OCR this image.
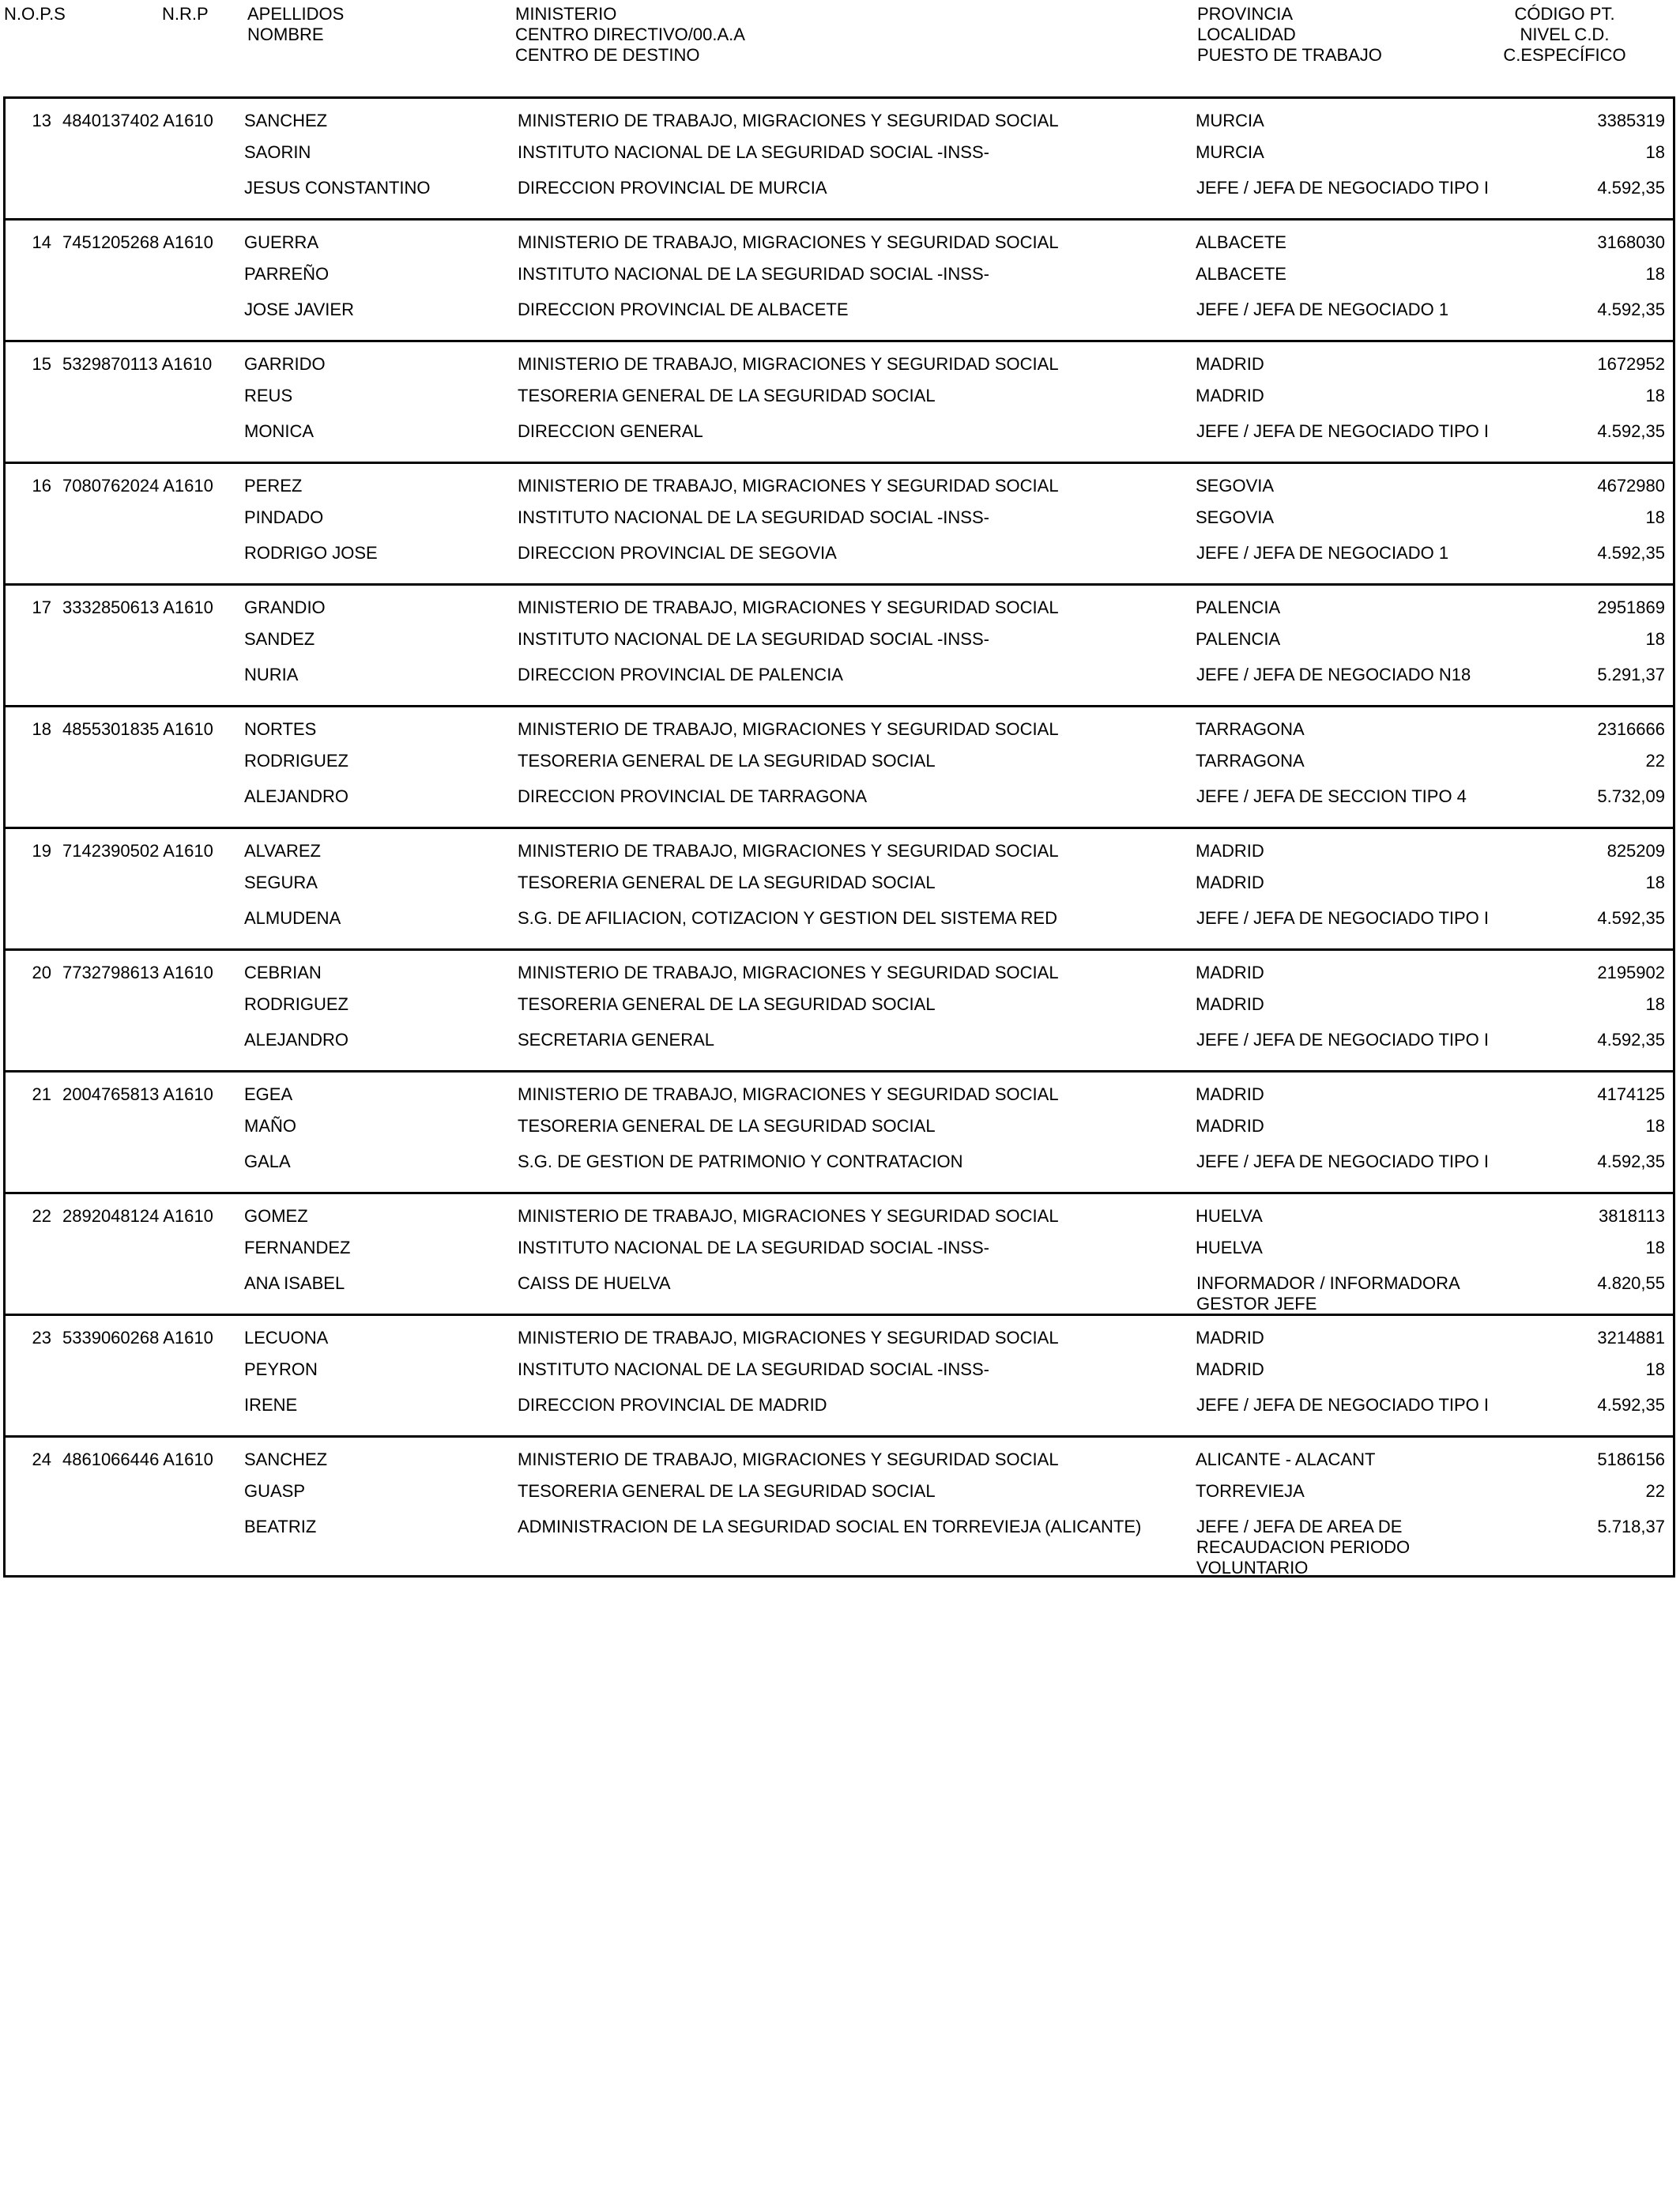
N.O.P.S	N.R.P APELLIDOS
NOMBRE
MINISTERIO
CENTRO DIRECTIVO/00.A.A
CENTRO DE DESTINO
PROVINCIA
LOCALIDAD
PUESTO DE TRABAJO
CÓDIGO PT.
NIVEL C.D.
C.ESPECÍFICO
13 4840137402 A1610 SANCHEZ
SAORIN
JESUS CONSTANTINO
MINISTERIO DE TRABAJO, MIGRACIONES Y SEGURIDAD SOCIAL
INSTITUTO NACIONAL DE LA SEGURIDAD SOCIAL -INSS-
DIRECCION PROVINCIAL DE MURCIA
MURCIA
MURCIA
JEFE / JEFA DE NEGOCIADO TIPO I
3385319
18
4.592,35
14 7451205268 A1610 GUERRA
PARREÑO
JOSE JAVIER
MINISTERIO DE TRABAJO, MIGRACIONES Y SEGURIDAD SOCIAL
INSTITUTO NACIONAL DE LA SEGURIDAD SOCIAL -INSS-
DIRECCION PROVINCIAL DE ALBACETE
ALBACETE
ALBACETE
JEFE / JEFA DE NEGOCIADO 1
3168030
18
4.592,35
15 5329870113 A1610 GARRIDO
REUS
MONICA
MINISTERIO DE TRABAJO, MIGRACIONES Y SEGURIDAD SOCIAL
TESORERIA GENERAL DE LA SEGURIDAD SOCIAL
DIRECCION GENERAL
MADRID
MADRID
JEFE / JEFA DE NEGOCIADO TIPO I
1672952
18
4.592,35
16 7080762024 A1610 PEREZ
PINDADO
RODRIGO JOSE
MINISTERIO DE TRABAJO, MIGRACIONES Y SEGURIDAD SOCIAL
INSTITUTO NACIONAL DE LA SEGURIDAD SOCIAL -INSS-
DIRECCION PROVINCIAL DE SEGOVIA
SEGOVIA
SEGOVIA
JEFE / JEFA DE NEGOCIADO 1
4672980
18
4.592,35
17 3332850613 A1610 GRANDIO
SANDEZ
NURIA
MINISTERIO DE TRABAJO, MIGRACIONES Y SEGURIDAD SOCIAL
INSTITUTO NACIONAL DE LA SEGURIDAD SOCIAL -INSS-
DIRECCION PROVINCIAL DE PALENCIA
PALENCIA
PALENCIA
JEFE / JEFA DE NEGOCIADO N18
2951869
18
5.291,37
18 4855301835 A1610 NORTES
RODRIGUEZ
ALEJANDRO
MINISTERIO DE TRABAJO, MIGRACIONES Y SEGURIDAD SOCIAL
TESORERIA GENERAL DE LA SEGURIDAD SOCIAL
DIRECCION PROVINCIAL DE TARRAGONA
TARRAGONA
TARRAGONA
JEFE / JEFA DE SECCION TIPO 4
2316666
22
5.732,09
19 7142390502 A1610 ALVAREZ
SEGURA
ALMUDENA
MINISTERIO DE TRABAJO, MIGRACIONES Y SEGURIDAD SOCIAL
TESORERIA GENERAL DE LA SEGURIDAD SOCIAL
S.G. DE AFILIACION, COTIZACION Y GESTION DEL SISTEMA RED
MADRID
MADRID
JEFE / JEFA DE NEGOCIADO TIPO I
825209
18
4.592,35
20 7732798613 A1610 CEBRIAN
RODRIGUEZ
ALEJANDRO
MINISTERIO DE TRABAJO, MIGRACIONES Y SEGURIDAD SOCIAL
TESORERIA GENERAL DE LA SEGURIDAD SOCIAL
SECRETARIA GENERAL
MADRID
MADRID
JEFE / JEFA DE NEGOCIADO TIPO I
2195902
18
4.592,35
21 2004765813 A1610 EGEA
MAÑO
GALA
MINISTERIO DE TRABAJO, MIGRACIONES Y SEGURIDAD SOCIAL
TESORERIA GENERAL DE LA SEGURIDAD SOCIAL
S.G. DE GESTION DE PATRIMONIO Y CONTRATACION
MADRID
MADRID
JEFE / JEFA DE NEGOCIADO TIPO I
4174125
18
4.592,35
22 2892048124 A1610 GOMEZ
FERNANDEZ
ANA ISABEL
MINISTERIO DE TRABAJO, MIGRACIONES Y SEGURIDAD SOCIAL
INSTITUTO NACIONAL DE LA SEGURIDAD SOCIAL -INSS-
CAISS DE HUELVA
HUELVA
HUELVA
INFORMADOR / INFORMADORA GESTOR JEFE
3818113
18
4.820,55
23 5339060268 A1610 LECUONA
PEYRON
IRENE
MINISTERIO DE TRABAJO, MIGRACIONES Y SEGURIDAD SOCIAL
INSTITUTO NACIONAL DE LA SEGURIDAD SOCIAL -INSS-
DIRECCION PROVINCIAL DE MADRID
MADRID
MADRID
JEFE / JEFA DE NEGOCIADO TIPO I
3214881
18
4.592,35
24 4861066446 A1610 SANCHEZ
GUASP
BEATRIZ
MINISTERIO DE TRABAJO, MIGRACIONES Y SEGURIDAD SOCIAL
TESORERIA GENERAL DE LA SEGURIDAD SOCIAL
ADMINISTRACION DE LA SEGURIDAD SOCIAL EN TORREVIEJA (ALICANTE)
ALICANTE - ALACANT
TORREVIEJA
JEFE / JEFA DE AREA DE RECAUDACION PERIODO VOLUNTARIO
5186156
22
5.718,37
